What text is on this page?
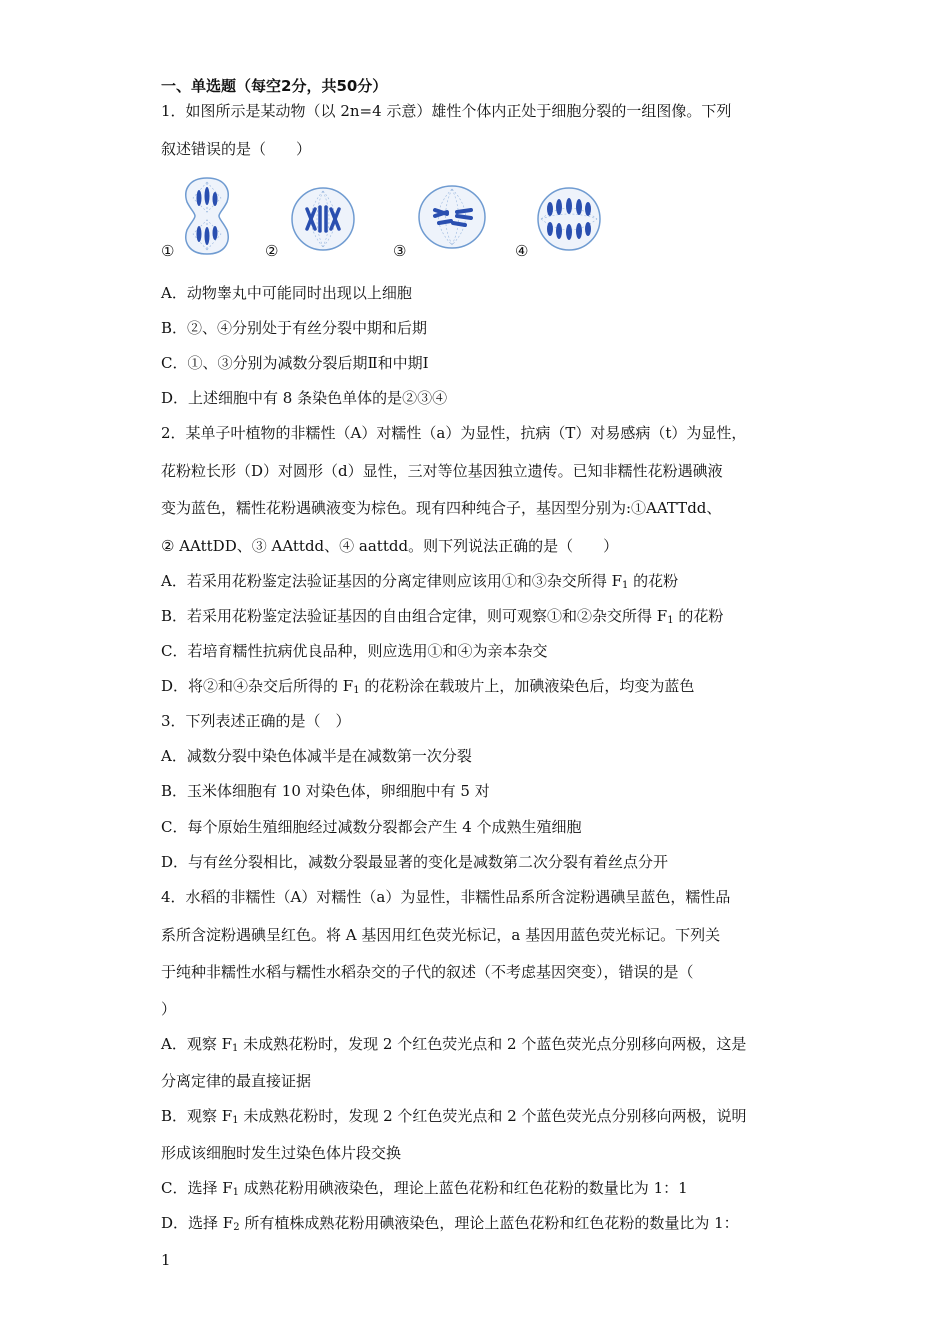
一、单选题（每空2分，共50分）
1．如图所示是某动物（以 2n=4 示意）雄性个体内正处于细胞分裂的一组图像。下列
叙述错误的是（　　）
①	②	③	④
A．动物睾丸中可能同时出现以上细胞
B．②、④分别处于有丝分裂中期和后期
C．①、③分别为减数分裂后期Ⅱ和中期Ⅰ
D．上述细胞中有 8 条染色单体的是②③④
2．某单子叶植物的非糯性（A）对糯性（a）为显性，抗病（T）对易感病（t）为显性，
花粉粒长形（D）对圆形（d）显性，三对等位基因独立遗传。已知非糯性花粉遇碘液
变为蓝色，糯性花粉遇碘液变为棕色。现有四种纯合子，基因型分别为:①AATTdd、
② AAttDD、③ AAttdd、④ aattdd。则下列说法正确的是（　　）
A．若采用花粉鉴定法验证基因的分离定律则应该用①和③杂交所得 $F_1$ 的花粉
B．若采用花粉鉴定法验证基因的自由组合定律，则可观察①和②杂交所得 $F_1$ 的花粉
C．若培育糯性抗病优良品种，则应选用①和④为亲本杂交
D．将②和④杂交后所得的 $F_1$ 的花粉涂在载玻片上，加碘液染色后，均变为蓝色
3．下列表述正确的是（　）
A．减数分裂中染色体减半是在减数第一次分裂
B．玉米体细胞有 10 对染色体，卵细胞中有 5 对
C．每个原始生殖细胞经过减数分裂都会产生 4 个成熟生殖细胞
D．与有丝分裂相比，减数分裂最显著的变化是减数第二次分裂有着丝点分开
4．水稻的非糯性（A）对糯性（a）为显性，非糯性品系所含淀粉遇碘呈蓝色，糯性品
系所含淀粉遇碘呈红色。将 A 基因用红色荧光标记，a 基因用蓝色荧光标记。下列关
于纯种非糯性水稻与糯性水稻杂交的子代的叙述（不考虑基因突变），错误的是（
）
A．观察 $F_1$ 未成熟花粉时，发现 2 个红色荧光点和 2 个蓝色荧光点分别移向两极，这是
分离定律的最直接证据
B．观察 $F_1$ 未成熟花粉时，发现 2 个红色荧光点和 2 个蓝色荧光点分别移向两极，说明
形成该细胞时发生过染色体片段交换
C．选择 $F_1$ 成熟花粉用碘液染色，理论上蓝色花粉和红色花粉的数量比为 1：1
D．选择 $F_2$ 所有植株成熟花粉用碘液染色，理论上蓝色花粉和红色花粉的数量比为 1：
1
